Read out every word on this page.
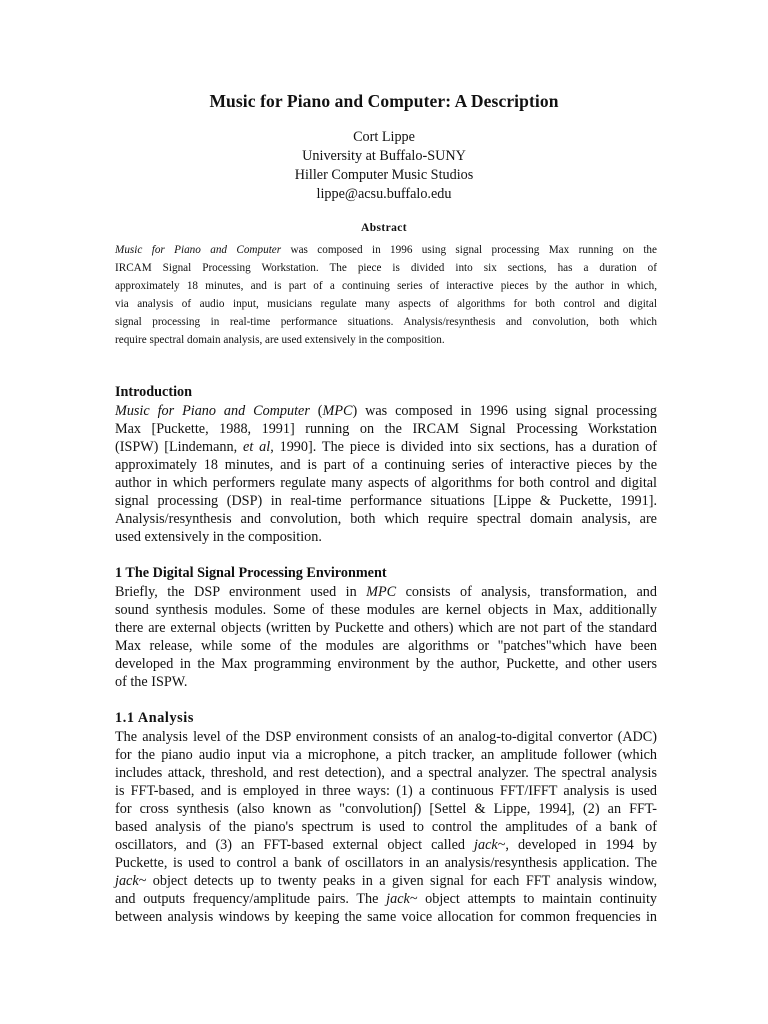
Music for Piano and Computer: A Description
Cort Lippe
University at Buffalo-SUNY
Hiller Computer Music Studios
lippe@acsu.buffalo.edu
Abstract
Music for Piano and Computer was composed in 1996 using signal processing Max running on the
IRCAM Signal Processing Workstation. The piece is divided into six sections, has a duration of
approximately 18 minutes, and is part of a continuing series of interactive pieces by the author in which,
via analysis of audio input, musicians regulate many aspects of algorithms for both control and digital
signal processing in real-time performance situations. Analysis/resynthesis and convolution, both which
require spectral domain analysis, are used extensively in the composition.
Introduction
Music for Piano and Computer (MPC) was composed in 1996 using signal processing
Max [Puckette, 1988, 1991] running on the IRCAM Signal Processing Workstation
(ISPW) [Lindemann, et al, 1990]. The piece is divided into six sections, has a duration of
approximately 18 minutes, and is part of a continuing series of interactive pieces by the
author in which performers regulate many aspects of algorithms for both control and digital
signal processing (DSP) in real-time performance situations [Lippe & Puckette, 1991].
Analysis/resynthesis and convolution, both which require spectral domain analysis, are
used extensively in the composition.
1 The Digital Signal Processing Environment
Briefly, the DSP environment used in MPC consists of analysis, transformation, and
sound synthesis modules. Some of these modules are kernel objects in Max, additionally
there are external objects (written by Puckette and others) which are not part of the standard
Max release, while some of the modules are algorithms or "patches"which have been
developed in the Max programming environment by the author, Puckette, and other users
of the ISPW.
1.1 Analysis
The analysis level of the DSP environment consists of an analog-to-digital convertor (ADC)
for the piano audio input via a microphone, a pitch tracker, an amplitude follower (which
includes attack, threshold, and rest detection), and a spectral analyzer. The spectral analysis
is FFT-based, and is employed in three ways: (1) a continuous FFT/IFFT analysis is used
for cross synthesis (also known as "convolution∫) [Settel & Lippe, 1994], (2) an FFT-
based analysis of the piano's spectrum is used to control the amplitudes of a bank of
oscillators, and (3) an FFT-based external object called jack~, developed in 1994 by
Puckette, is used to control a bank of oscillators in an analysis/resynthesis application. The
jack~ object detects up to twenty peaks in a given signal for each FFT analysis window,
and outputs frequency/amplitude pairs. The jack~ object attempts to maintain continuity
between analysis windows by keeping the same voice allocation for common frequencies in
